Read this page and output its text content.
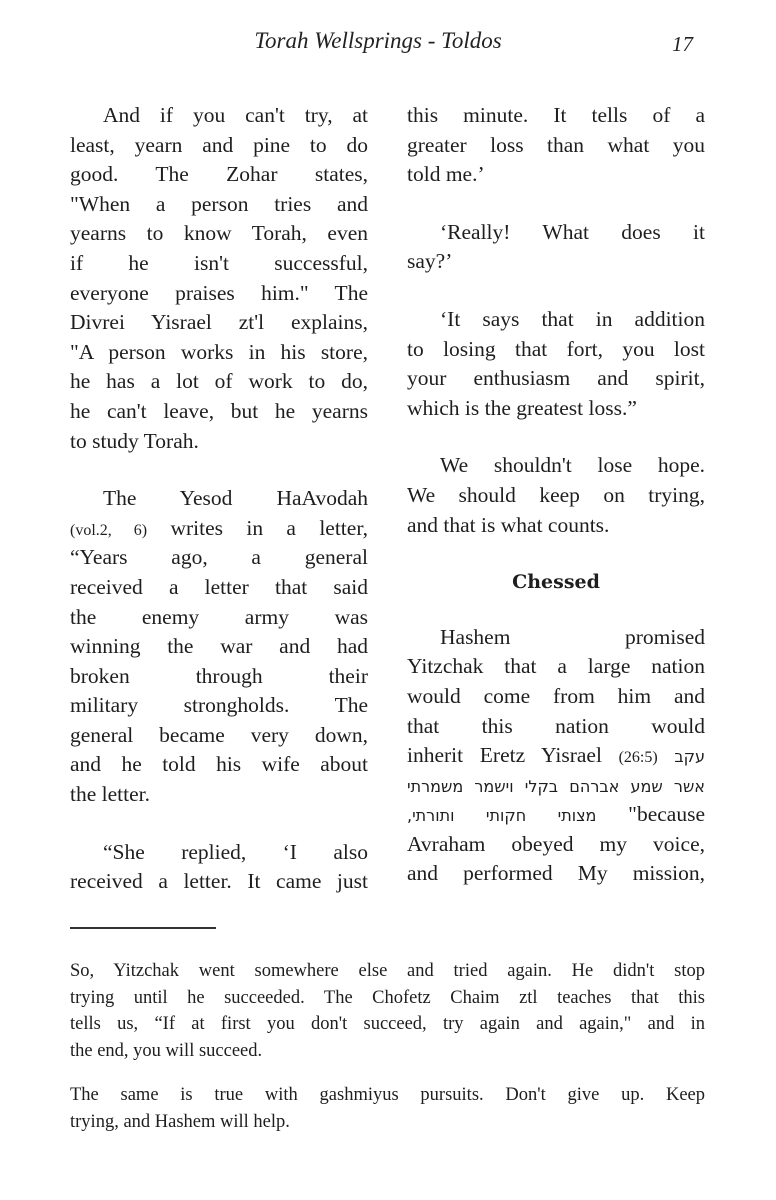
Torah Wellsprings - Toldos	17
And if you can't try, at
least, yearn and pine to do
good. The Zohar states,
"When a person tries and
yearns to know Torah, even
if he isn't successful,
everyone praises him." The
Divrei Yisrael zt'l explains,
"A person works in his store,
he has a lot of work to do,
he can't leave, but he yearns
to study Torah.
The Yesod HaAvodah
(vol.2, 6) writes in a letter,
“Years ago, a general
received a letter that said
the enemy army was
winning the war and had
broken through their
military strongholds. The
general became very down,
and he told his wife about
the letter.
“She replied, ‘I also
received a letter. It came just
this minute. It tells of a
greater loss than what you
told me.’
‘Really! What does it
say?’
‘It says that in addition
to losing that fort, you lost
your enthusiasm and spirit,
which is the greatest loss.”
We shouldn't lose hope.
We should keep on trying,
and that is what counts.
Chessed
Hashem promised
Yitzchak that a large nation
would come from him and
that this nation would
inherit Eretz Yisrael (26:5) עקב
אשר שמע אברהם בקלי וישמר משמרתי
מצותי חקותי ותורתי, "because
Avraham obeyed my voice,
and performed My mission,
So, Yitzchak went somewhere else and tried again. He didn't stop
trying until he succeeded. The Chofetz Chaim ztl teaches that this
tells us, “If at first you don't succeed, try again and again," and in
the end, you will succeed.
The same is true with gashmiyus pursuits. Don't give up. Keep
trying, and Hashem will help.
